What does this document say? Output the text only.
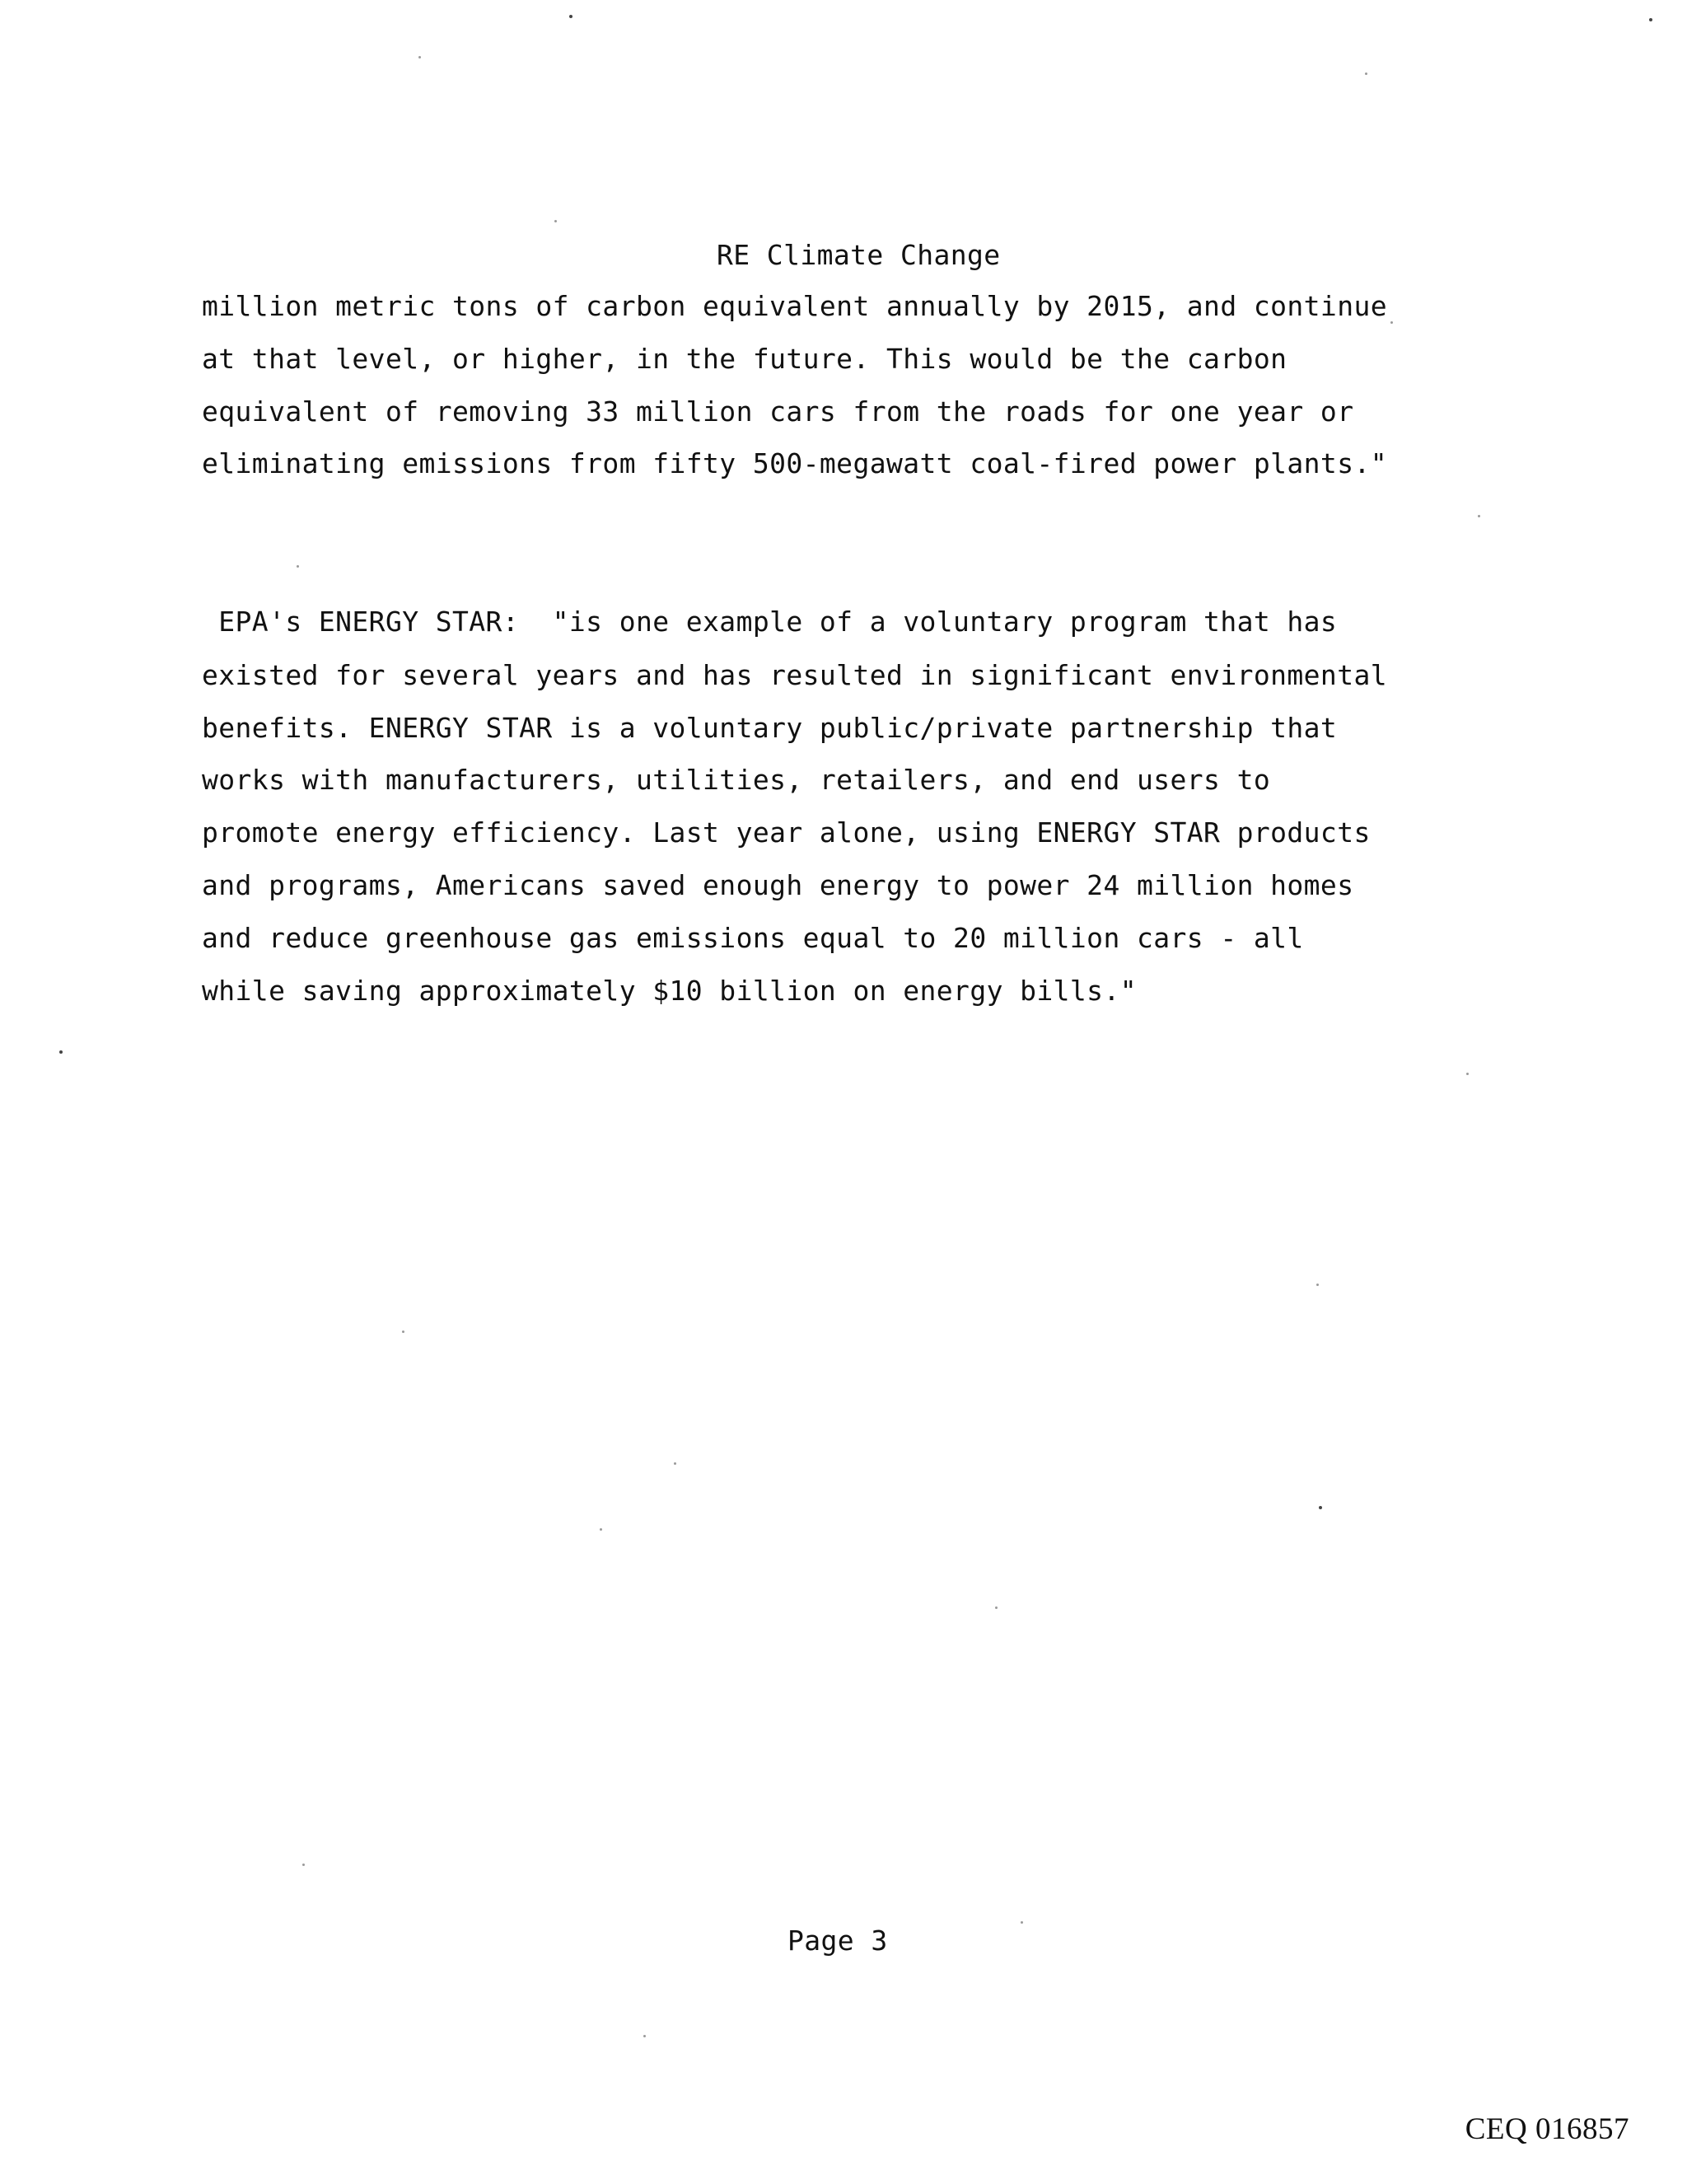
RE Climate Change
million metric tons of carbon equivalent annually by 2015, and continue
at that level, or higher, in the future. This would be the carbon
equivalent of removing 33 million cars from the roads for one year or
eliminating emissions from fifty 500-megawatt coal-fired power plants."
EPA's ENERGY STAR:  "is one example of a voluntary program that has
existed for several years and has resulted in significant environmental
benefits. ENERGY STAR is a voluntary public/private partnership that
works with manufacturers, utilities, retailers, and end users to
promote energy efficiency. Last year alone, using ENERGY STAR products
and programs, Americans saved enough energy to power 24 million homes
and reduce greenhouse gas emissions equal to 20 million cars - all
while saving approximately $10 billion on energy bills."
Page 3
CEQ 016857
